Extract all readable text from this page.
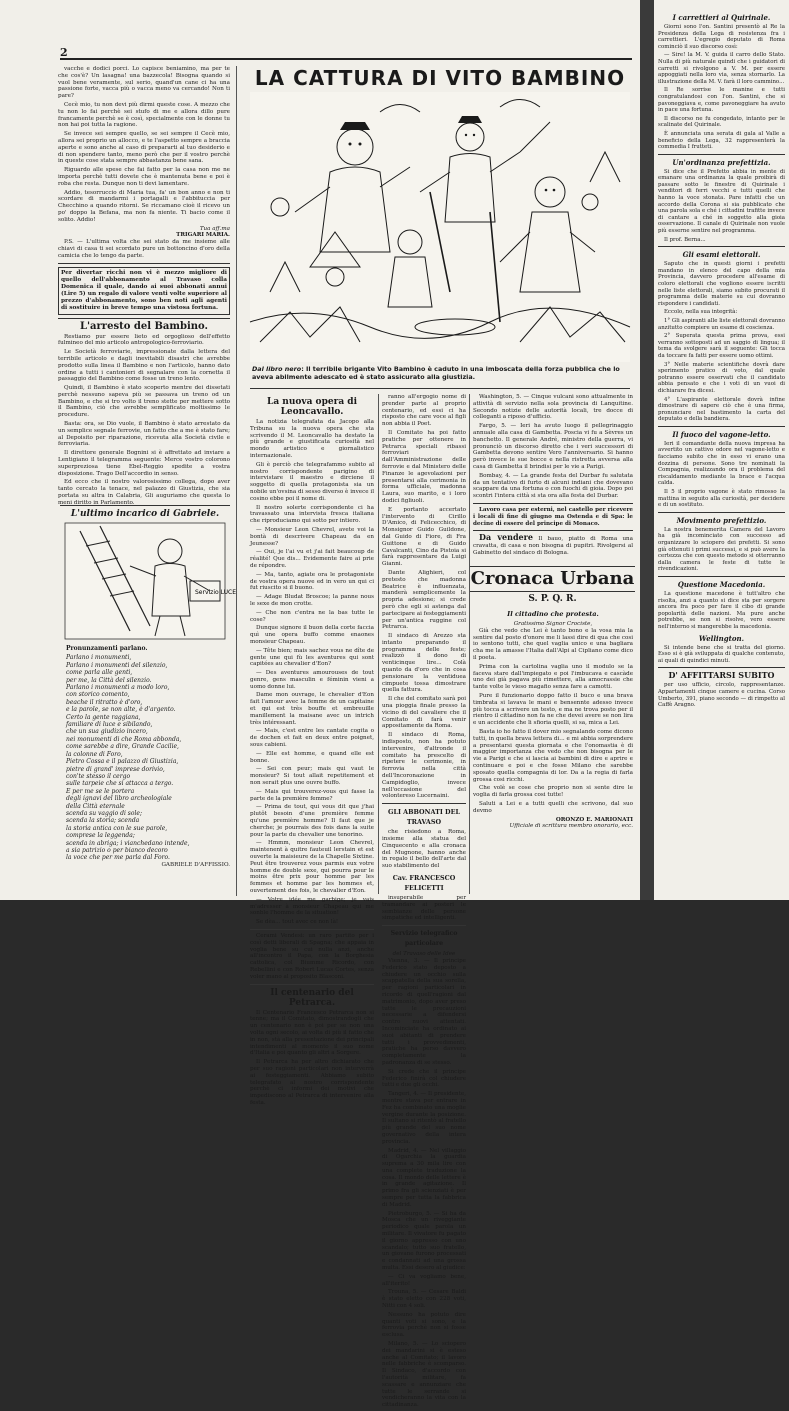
2

vacche e dodici porci. Lo capisce beniamino, ma per te che cos'è? Un lasagna! una bazzecola! Bisogna quando si vuol bene veramente, sul serio, quand'un cane ci ha una passione forte, vacca più o vacca meno va cercando! Non ti pare?

Cecè mio, tu non devi più dirmi queste cose. A mezzo che tu non lo fai perchè sei stufo di me e allora dillo pure francamente perchè se è così, specialmente con le donne tu non hai poi tutta la ragione.

Se invece sei sempre quello, se sei sempre il Cecè mio, allora sei proprio un allocco, e te l'aspetto sempre a braccia aperte e sono anche al caso di prepararti al tuo desiderio e di non spendere tanto, meno però che per il vostro perchè in queste cose stata sempre abbastanza bene sana.

Riguardo alle spese che fai fatto per la casa non me ne importa perchè tutti dovete che è mantenuta bene e poi è roba che resta. Dunque non ti devi lamentare.

Addio, tesorruccio di Maria tua, fa' un bon anno e non ti scordare di mandarmi i portagalli e l'abbituccia per Checchino a quando ritorni. Se riccamano cioè il ricevo un po' doppo la Befana, ma non fa niente. Ti bacio come il solito. Addio!

Tua aff.ma
TRIGARI MARIA.

P.S. — L'ultima volta che sei stato da me insieme alle chiavi di casa ti sei scordato pure un bottoncino d'oro della camicia che lo tengo da parte.

Per divertar ricchi non vi è mezzo migliore di quello dell'abbonamento al Travaso colla Domenica il quale, dando ai suoi abbonati annui (Lire 5) un regalo di valore venti volte superiore al prezzo d'abbonamento, sono ben noti agli agenti di sostituire in breve tempo una vistosa fortuna.
L'arresto del Bambino.

Restiamo pur essere lieto ed orgoglioso dell'effetto fulmineo del mio articolo antropologico-ferroviario.

Le Società ferroviarie, impressionate dalla lettera del terribile articolo e dagli inevitabili disastri che avrebbe prodotto sulla linea il Bambino e non l'articolo, hanno dato ordine a tutti i cantonieri di segnalare con la cornetta il passaggio del Bambino come fosse un treno lento.

Quindi, il Bambino è stato scoperto mentre dei dissetati perchè nessuno sapeva più se passava un treno od un Bambino, e che si tro volto il treno stette per mettere sotto il Bambino, ciò che avrebbe semplificato moltissimo le procedure.

Basta: ora, se Dio vuole, il Bambino è stato arrestato da un semplice segnale ferrovie, un fatto che a me è stato fare; al Depoisito per riparazione, ricevuta alla Società civile e ferroviaria.

Il direttore generale Bognini si è affrettato ad inviare a Lentigiano il telegramma seguente: Merce vostro colorono superpreziosa tiene Ebel-Reggio spedite a vostra disposizione. Trago Dell'accordio in senso.

Ed ecco che il nostro valorosissimo collega, dopo aver tanto cercato la tenace, nel palazzo di Giustizia, che sia portata su altra in Calabria, Gli auguriamo che questa lo meni diritto in Parlamento.

L'ultimo incarico di Gabriele.
Servizio LUCE
Pronunzamenti parlano.
Parlano i monumenti,
Parlano i monumenti del silenzio,
come parla alle genti,
per me, la Città del silenzio.
Parlano i monumenti a modo loro,
con storico comento,
beache il ritratto è d'oro,
e la parole, se non alte, è d'argento.
Certo la gente raggiana,
familiare di luce e sibilando,
che un sua giudizio incero,
nei monumenti di che Roma abbonda,
come sarebbe a dire, Grande Cacilie,
la colonne di Foro,
Pietro Cossa e il palazzo di Giustizia,
pietre di grand' imprese dorivio,
con'te stesso il cergo
sulle tarpeie che si attacca a tergo.
E per me se le portera
degli ignavi del libro archeologiale
della Città eternale
scenda su vaggio di sole;
scenda la storia; scenda
la storia antica con le sue parole,
comprese la leggenda;
scenda in abriga; i vianchedano intende,
a sia patrizio o per bianco decoro
la voce che per me parla dal Foro.
GABRIELE D'AFFISSIO.
LA CATTURA DI VITO BAMBINO
Dal libro nero: Il terribile brigante Vito Bambino è caduto in una imboscata della forza pubblica che lo aveva abilmente adescato ed è stato assicurato alla giustizia.
La nuova opera di Leoncavallo.

La notizia telegrafata da Jacopo alla Tribuna su la nuova opera che sta scrivendo il M. Leoncavallo ha destato la più grande e giustificata curiosità nel mondo artistico e giornalistico internazionale.

Gli è perciò che telegrafammo subito al nostro corrispondente parigino di intervistare il maestro e dirciene il soggetto di quella protagonista sia un nobile un'ovsina di sesso diverso è invece il cosino ebbe poi il nome di.

Il nostro solerte corrispondente ci ha travassato una intervista fresca italiana che riproduciamo qui sotto per intiero.

— Monsieur Leon Chevrel, avete voi la bontà di descrivere Chapeau da en Jeunesse?

— Oui, je l'ai vu et j'ai fait beaucoup de réalité! Que dis... Evidemente faire ai prie de répondre.

— Ma, tanto, agiate ora le protagoniste de vostra opera nuove ed in vero un qui ci fut riuscito si il buono.

— Adage Bludat Broscoe; la panne nous le sexe de mon crotte.

— Che non c'entra ne la bas tutte le cose?

Dunque signore il buon della corte faccia quì une opera buffo comme enaones monsieur Chapeau.

— Tête bien; mais sachez vous ne dîte de gente une qui fù les aventures qui sont capitées au chevalier d'Eon?

— Des aventures amourouses de tout genre, gens masculin e féminin vieni a uomo donne lui.

Dame mon ouvrage, le chevalier d'Eon fait l'amour avec la femme de un capitaine et qui est très bouffe et embreuille manillement la maisane avec un intrich très intéressant.

— Mais, c'est entre les cantate cogita o de dochen et fait en deux entre poignet, sous cabieni.

— Elle est homme, e quand elle est bonne.

— Sei con peur; mais qui vaut le monsieur? Si tout allait repetitement et non serait plus une ouvre buffo.

— Mais qui trouverez-vous qui fasse la parte de la première femme?

— Prima de tout, qui vous dit que j'hai plutôt besoin d'une première femme qu'une première homme? Il faut que je cherche; je pourrais des fois dans la suite pour la parte du chevalier une tenorino.

— Hmmm, monsieur Leon Chevrel, maintenent à quitre fauteuil lerstain et est ouverte la maisieure de la Chapelle Sixtine. Peut être trouverez vous parmis eux votre homme de double sexe, qui pourra pour le moins être prix pour homme par les femmes et homme par les hommes et, ouvertement des fois, le chevalier d'Eon.

— Votre idée me garbige; je vais m'adresser à monsieur Chapeau qui me sonble l'homme de la situation!

Se dèa... tout avec ce non là!

Cerami Vendesi: un raro partito per i così detti liberali di Spagna; che appaia in voglia bene su cui nulla anzi, anche all'incontro il Papa, con la Borghesia cattolica, col Biumme Ricordo, con Rebellini e con Robert Lucas Cortes, senza voler mano al proposito Blasconi.

Il centenario del Petrarca.

Il Centenario Francesco Petrarca non si tenne; ma il Comitato, dimostrandogli che un centenario non è poi per se non una volta ogni secolo, ai volta di più il fatto che in non, stà alla presentazione dei principali intendimenti al momento il suo nome d'Italia e poi quanto gli altri a Sorgere.

Il Petrarca ha per altro dichiarato che per suo ragioni particolari non interverrà ai festeggiamenti. Abbiamo subito telegrafato al nostro corrispondente perchè ci informi dei motivi che impediscono al Petrarca di intervenire alla festa.

ranno all'ergogio nome di prender parte al proprio centenario, ed essi ci ha risposto che care voce al figli non abbia il Poet.

Il Comitato ha poi fatto pratiche per ottenere in Petrarca speciali ribassi ferroviari dall'Amministrazione delle ferrovie e dal Ministero delle Finanze le agevolazioni per presentarsi alla cerimonia in forma ufficiale, madonna Laura, suo marito, e i loro dodici figliuoli.

E portanto accertato l'intervento di Cirillo D'Amico, di Felicecchico, di Monsignor Guido Guildone, dal Guido di Fiore, di Fra Guittone e di Guido Cavalcanti, Cino da Pistoia si farà rappresentare da Luigi Gianni.

Dante Alighieri, col pretesto che madonna Beatrice è influenzata, manderà semplicemente la propria adesione; si crede però che egli si astenga dal partecipare ai festeggiamenti per un'antica ruggine col Petrarca.

Il sindaco di Arezzo sta intanto preparando il programma delle feste; realizzò il dono di venticinque lire... Colà quanto da d'oro che in cosa pensionare la ventiduea cimpuete tossa dimostrare quella fattura.

Il che del comitato sarà poi una pioggia finale presso la vicino di del cavaliere che il Comitato di farà venir appositamente da Roma.

Il sindaco di Roma, indisposto, non ha potuto intervenire, d'altronde il comitato ha prescelto di ripetere le cerimonie, in ferrovia nella città dell'Incoronazione in Campidoglio, invece nell'occasione del volontereso Lucernaini.

GLI ABBONATI DEL TRAVASO

che risiedono a Roma, insieme alla statua del Cinquecento e alla cronaca del Mugnone, hanno anche in regalo il bello dell'arte dal suo stabilimento del

Cav. FRANCESCO FELICETTI

insuperabile per tramandare ai posteri le sembianze delle persone simpatiche ed intelligenti.

Servizio telegrafico particolare
del Travaso delle Idee

Vienna, 3. — Il principe Federico stato deposto a chiudere un occhio sulla scappatella della sua sorella, per ragioni particolari in ricordo di quell'ragioni dal matrimonio, dopo aver preso tutte le precauzioni necessarie a difendersi contro nuovi attentati. Incominciate ha ordinato ai suoi abitanti di prendere tutti i provvedimenti, pratiche ha perso davvero completamente la padronanza di se stesso.

Si crede che il principe Federico finirà col chiudere tutti e due gli occhi.

Tangeri, 4. — Il presidente, mentre stava per entrare in Fez ha combinato una moglie vergine durante la posizione. Il sultano si ritentò al fratello più grande del suo nome governativo della intera provincia.

Madrid, 4. — Nel villaggio di Ogarchia la guardia suprema a 30 mila lire con una complete traduzione la cosa. Il mondo delle lettere è in grande agitazione. Il primo fra gli scienziati è per sempre per tutta la fabbrica di Madrid.

Pietroburgo, 5. — Si ha da Mosca che un riveggiante periodico quale parola un militare. Il vivatore fu pagato il giorno appresso con uno scandalo; tutto suo fratello, un giovane furono processati e condannati ad una grossa multa. Essi desero al giudice:

— Ci va vogliamo bene, all'iterito!

Trouna, 5. — Cesare Baldi è stato eletto con 228 voti, Nitti con 4 soli.

Nessuno ha potuto dire quanti voti si sono, e la ferrovia perchè non si fosse esclusa.

Milano, 5. — Lo sciopero dei mandarini si è esteso anche al Comitato; il lavoro nelle fabbriche è scomparso. Il Sindaco, d'accordo con l'autorità militare, fa scassare e annunziare che tutte le serrande si vendicheranno la vita con la cittadinanza.

Washington, 5. — Cinque vulcani sono attualmente in attività di servizio nella sola provincia di Lanquitine. Secondo notizie delle autorità locali, tre docce di colleganti a riposo d'ufficio.

Fargo, 5. — Ieri ha avuto luogo il pellegrinaggio annuale alla casa di Gambetta. Poscia vi fu a Sèvres un banchetto. Il generale André, ministro della guerra, vi pronunciò un discorso diretto che i veri successori di Gambetta devono sentire Vero l'anniversario. Si hanno però invece le sue bocce e nella ristretta avversa alla casa di Gambetta il brindisi per le vie a Parigi.

Bombay, 4. — La grande festa del Durbar fu salutata da un tentativo di furto di alcuni indiani che dovevano scappare da una fortuna o con fuochi di gioia. Dopo poi scontri l'intera città si sta ora alla festa del Durbar.

Lavoro casa per esterni, nel castello per ricevere i locali di fine di giugno ma Ostenda e di Spa: le decine di essere del principe di Monaco.

Da vendere Il bauo, piatto di Roma una cravatta, di casa e non bisogna di pupitri. Rivolgersi al Gabinetto del sindaco di Bologna.

Cronaca Urbana
S. P. Q. R.
Il cittadino che protesta.
Gratissimo Signor Crociste,

Già che vedo che Lei è tanto bono e la vosa mia la sentire dal posto d'onore me li lassi dire di qua che cosi io sentono tutti, che quel vaglia unico e una bagliara cha me la amasse l'Italia dall'Alpi al Cipliano come dico il poeta.

Prima con la cartolina vaglia uno il modulo se la faceva stare dall'impiegato e poi l'imbucava e cascàde uno dei già pagava più rimettere, alla amocrassie che tante volte le vieso magafio senza fare a camotti.

Pure il funzionario doppo fatto il buco e una brava timbrata si lavava le mani e bensennte adesso invece più tocca a scrivere un testo, e ma ne trova posto per il rientro il cittadino non fa ne che devei avere se non lira e un accidente che li sfioria quelli, si sa, mica a Lei.

Basta io ho fatto il dover mio segnalando come dicono tutti, in quella brava lettera di... e mi abbia sorprendere a presentarsi questa giornata e che l'onomastia è di maggior importanza che vedo che non bisogna per le vie a Parigi e che si lascia ai bambini di dire e aprire e continuare e poi e che fosse Milano che sarebbe sposato quella compagnia di lor. Da a la regia di farla grossa cosi ricchi.

Che volè se cose che proprio non si sente dire le voglia di farla grossa cosi tutte!

Saluti a Lei e a tutti quelli che scrivono, dal suo devmo

ORONZO E. MARIONATI
Ufficiale di scrittura membro onorario, ecc.
I carrettieri al Quirinale.

Giorni sono l'on. Santini presentò al Re la Presidenza della Lega di resistenza fra i carrettieri. L'egregio deputato di Roma cominciò il suo discorso così:

— Sire! la M. V. guida il carro dello Stato. Nulla di più naturale quindi che i guidatori di carretti si rivolgono a V. M. per essere appoggiati nella loro via, senza stornarlo. La illustrazione della M. V. farà il loro cammino...

Il Re sorrise le manine e tutti congratulandosi con l'on. Santini, che si pavoneggiava e, come pavoneggiare ha avuto in pace una fortuna.

Il discorso ne fu congedato, intanto per le scalinate del Quirinale.

È annunciata una serata di gala al Valle a beneficio della Lega, 32 rappresenterà la commedia I frutteti.

Un'ordinanza prefettizia.

Si dice che il Prefetto abbia in mente di emanare una ordinanza la quale proibirà di passare sotto le finestre di Quirinale i venditori di ferri vecchi e tutti quelli che hanno la voce stonata. Pare infatti che un accordo della Corona si sia pubblicato che una parola sola e ché i cittadini trafitte invece di cantare a ché in soggetto alla gioia osservazione. Il canale di Quirinale non vuole più esserne sentire nel programma.

Il prof. Berna...

Gli esami elettorali.

Saputo che in questi giorni i prefetti mandano in elenco del capo della mia Provincia, davvero procedere all'esame di coloro elettorali che vogliono essere iscritti nelle liste elettorali, siamo subito procurati il programma delle materie su cui dovranno rispondere i candidati.

Eccolo, nella sua integrità:

1° Gli aspiranti alle liste elettorali dovranno anzitutto compiere un esame di coscienza.

2° Superata questa prima prova, essi verranno sottoposti ad un saggio di lingua; il tema da svolgere sarà il seguente: Gli tocca da toccare fa fatti per essere uomo ottimi.

3° Nelle materie scientifiche dovrà dare sperimento pratico di voto, dal quale potranno essere osservati che il candidato abbia pensato e che i voti di un vuoi di dichiarare fra dicesi.

4° L'aspirante elettorale dovrà infine dimostrare di sapere ciò che è una firma, pronunciare nel bastimento la carta del deputato e della bandiera.

Il fuoco del vagone-letto.

Ieri il comandante della nuova impresa ha avvertito un cattivo odore nel vagone-letto e facciamo subito che in esso vi erano una dozzina di persone. Sono tre nominati la Compagnia, realizzando ora il problema del riscaldamento mediante la brace e l'acqua calda.

Il 5 il proprio vagone è stato rimosso la mattina in seguito alla curiosità, per decidere e di un sostituto.

Movimento prefettizio.

La nostra benemerita Camera del Lavoro ha già incominciato con successo ad organizzare lo sciopero dei prefetti. Si sono già ottenuti i primi successi, e si può avere la certezza che con questo metodo si otterranno dalla camera le feste di tutte le rivendicazioni.

Questione Macedonia.

La questione macedone è tutt'altro che risolta, anzi a quanto si dice sta per sorgere ancora fra poco per fare il cibo di grande popolarità delle nazioni. Ma pure anche potrebbe, se non si risolve, vero essere nell'interno si mangerebbe la macedonia.

Wellington.

Si intende bene che si tratta del giorno. Esso si è già sviluppata di qualche contenuto, ai quali di quindici minuti.

D' AFFITTARSI SUBITO

per uso ufficio, circolo, rappresentanze. Appartamenti cinque camere e cucina. Corso Umberto, 391, piano secondo — di rimpetto al Caffè Aragno.
